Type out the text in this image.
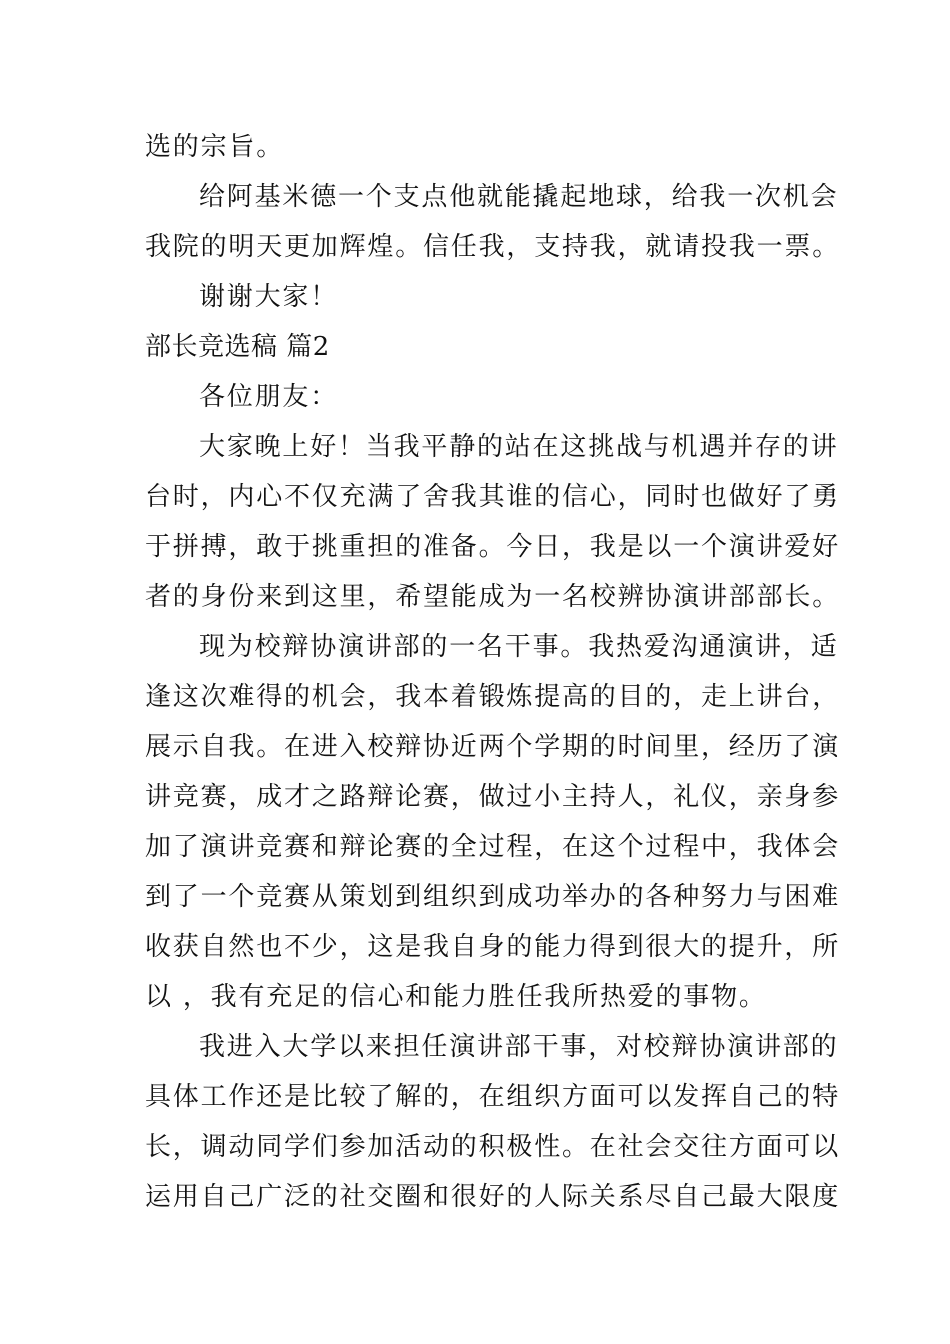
选的宗旨。
给阿基米德一个支点他就能撬起地球，给我一次机会
我院的明天更加辉煌。信任我，支持我，就请投我一票。
谢谢大家！
部长竞选稿 篇2
各位朋友：
大家晚上好！当我平静的站在这挑战与机遇并存的讲
台时，内心不仅充满了舍我其谁的信心，同时也做好了勇
于拼搏，敢于挑重担的准备。今日，我是以一个演讲爱好
者的身份来到这里，希望能成为一名校辨协演讲部部长。
现为校辩协演讲部的一名干事。我热爱沟通演讲，适
逢这次难得的机会，我本着锻炼提高的目的，走上讲台，
展示自我。在进入校辩协近两个学期的时间里，经历了演
讲竞赛，成才之路辩论赛，做过小主持人，礼仪，亲身参
加了演讲竞赛和辩论赛的全过程，在这个过程中，我体会
到了一个竞赛从策划到组织到成功举办的各种努力与困难
收获自然也不少，这是我自身的能力得到很大的提升，所
以 ，我有充足的信心和能力胜任我所热爱的事物。
我进入大学以来担任演讲部干事，对校辩协演讲部的
具体工作还是比较了解的，在组织方面可以发挥自己的特
长，调动同学们参加活动的积极性。在社会交往方面可以
运用自己广泛的社交圈和很好的人际关系尽自己最大限度
